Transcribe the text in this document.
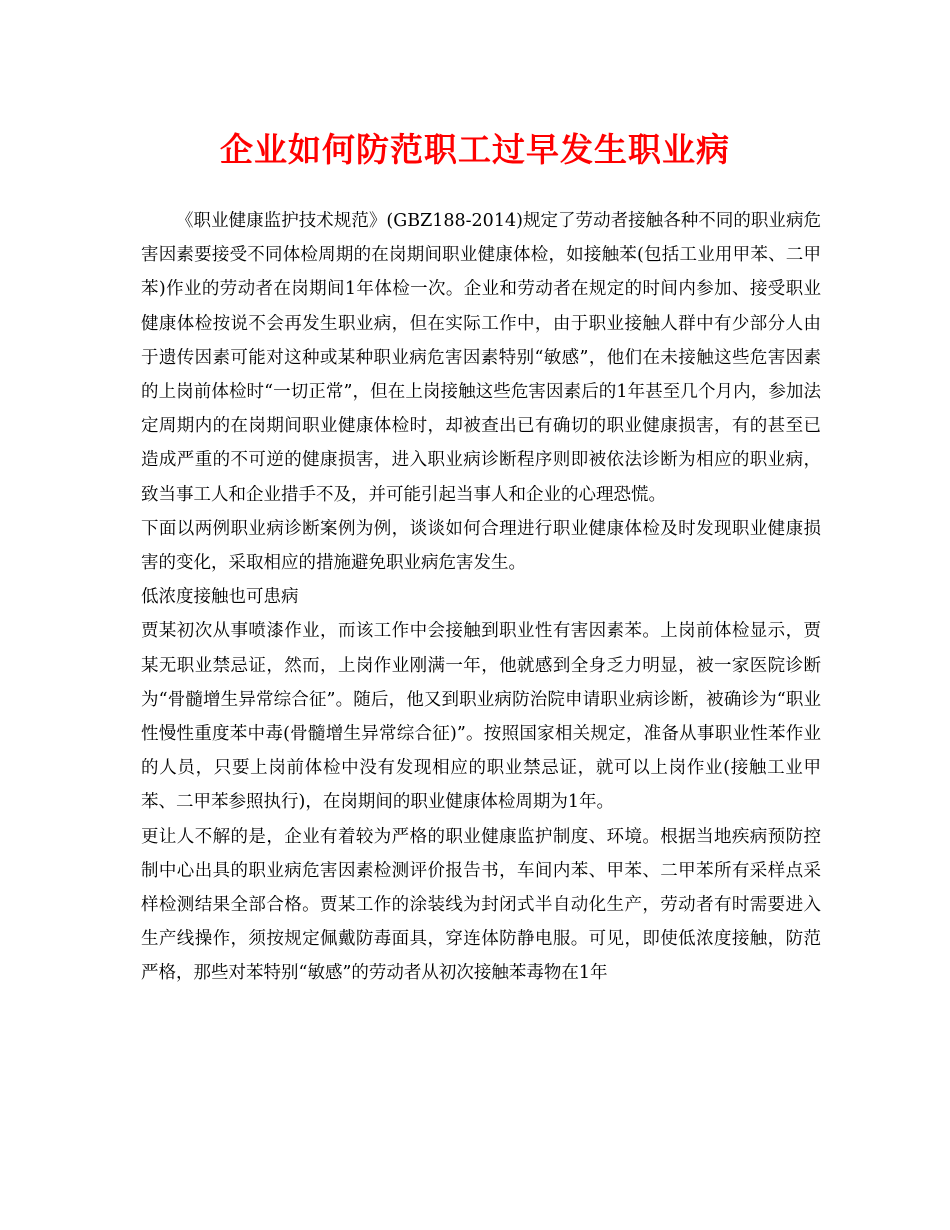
企业如何防范职工过早发生职业病

《职业健康监护技术规范》(GBZ188-2014)规定了劳动者接触各种不同的职业病危害因素要接受不同体检周期的在岗期间职业健康体检，如接触苯(包括工业用甲苯、二甲苯)作业的劳动者在岗期间1年体检一次。企业和劳动者在规定的时间内参加、接受职业健康体检按说不会再发生职业病，但在实际工作中，由于职业接触人群中有少部分人由于遗传因素可能对这种或某种职业病危害因素特别“敏感”，他们在未接触这些危害因素的上岗前体检时“一切正常”，但在上岗接触这些危害因素后的1年甚至几个月内，参加法定周期内的在岗期间职业健康体检时，却被查出已有确切的职业健康损害，有的甚至已造成严重的不可逆的健康损害，进入职业病诊断程序则即被依法诊断为相应的职业病，致当事工人和企业措手不及，并可能引起当事人和企业的心理恐慌。

下面以两例职业病诊断案例为例，谈谈如何合理进行职业健康体检及时发现职业健康损害的变化，采取相应的措施避免职业病危害发生。

低浓度接触也可患病

贾某初次从事喷漆作业，而该工作中会接触到职业性有害因素苯。上岗前体检显示，贾某无职业禁忌证，然而，上岗作业刚满一年，他就感到全身乏力明显，被一家医院诊断为“骨髓增生异常综合征”。随后，他又到职业病防治院申请职业病诊断，被确诊为“职业性慢性重度苯中毒(骨髓增生异常综合征)”。按照国家相关规定，准备从事职业性苯作业的人员，只要上岗前体检中没有发现相应的职业禁忌证，就可以上岗作业(接触工业甲苯、二甲苯参照执行)，在岗期间的职业健康体检周期为1年。

更让人不解的是，企业有着较为严格的职业健康监护制度、环境。根据当地疾病预防控制中心出具的职业病危害因素检测评价报告书，车间内苯、甲苯、二甲苯所有采样点采样检测结果全部合格。贾某工作的涂装线为封闭式半自动化生产，劳动者有时需要进入生产线操作，须按规定佩戴防毒面具，穿连体防静电服。可见，即使低浓度接触，防范严格，那些对苯特别“敏感”的劳动者从初次接触苯毒物在1年
